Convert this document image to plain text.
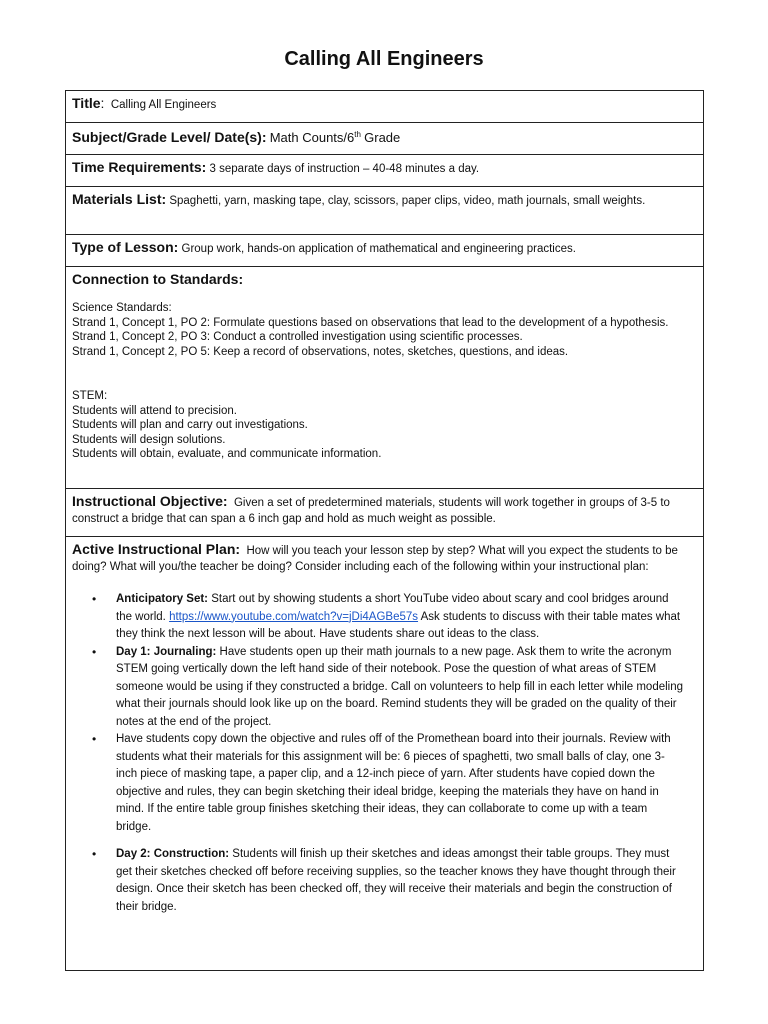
Calling All Engineers
Title: Calling All Engineers
Subject/Grade Level/ Date(s): Math Counts/6th Grade
Time Requirements: 3 separate days of instruction – 40-48 minutes a day.
Materials List: Spaghetti, yarn, masking tape, clay, scissors, paper clips, video, math journals, small weights.
Type of Lesson: Group work, hands-on application of mathematical and engineering practices.

Connection to Standards:
Science Standards:
Strand 1, Concept 1, PO 2: Formulate questions based on observations that lead to the development of a hypothesis.
Strand 1, Concept 2, PO 3: Conduct a controlled investigation using scientific processes.
Strand 1, Concept 2, PO 5: Keep a record of observations, notes, sketches, questions, and ideas.
STEM:
Students will attend to precision.
Students will plan and carry out investigations.
Students will design solutions.
Students will obtain, evaluate, and communicate information.

Instructional Objective: Given a set of predetermined materials, students will work together in groups of 3-5 to construct a bridge that can span a 6 inch gap and hold as much weight as possible.
Active Instructional Plan: How will you teach your lesson step by step? What will you expect the students to be doing? What will you/the teacher be doing? Consider including each of the following within your instructional plan:
• Anticipatory Set: Start out by showing students a short YouTube video about scary and cool bridges around the world. https://www.youtube.com/watch?v=jDi4AGBe57s Ask students to discuss with their table mates what they think the next lesson will be about. Have students share out ideas to the class.
• Day 1: Journaling: Have students open up their math journals to a new page. Ask them to write the acronym STEM going vertically down the left hand side of their notebook. Pose the question of what areas of STEM someone would be using if they constructed a bridge. Call on volunteers to help fill in each letter while modeling what their journals should look like up on the board. Remind students they will be graded on the quality of their notes at the end of the project.
• Have students copy down the objective and rules off of the Promethean board into their journals. Review with students what their materials for this assignment will be: 6 pieces of spaghetti, two small balls of clay, one 3-inch piece of masking tape, a paper clip, and a 12-inch piece of yarn. After students have copied down the objective and rules, they can begin sketching their ideal bridge, keeping the materials they have on hand in mind. If the entire table group finishes sketching their ideas, they can collaborate to come up with a team bridge.
• Day 2: Construction: Students will finish up their sketches and ideas amongst their table groups. They must get their sketches checked off before receiving supplies, so the teacher knows they have thought through their design. Once their sketch has been checked off, they will receive their materials and begin the construction of their bridge.
